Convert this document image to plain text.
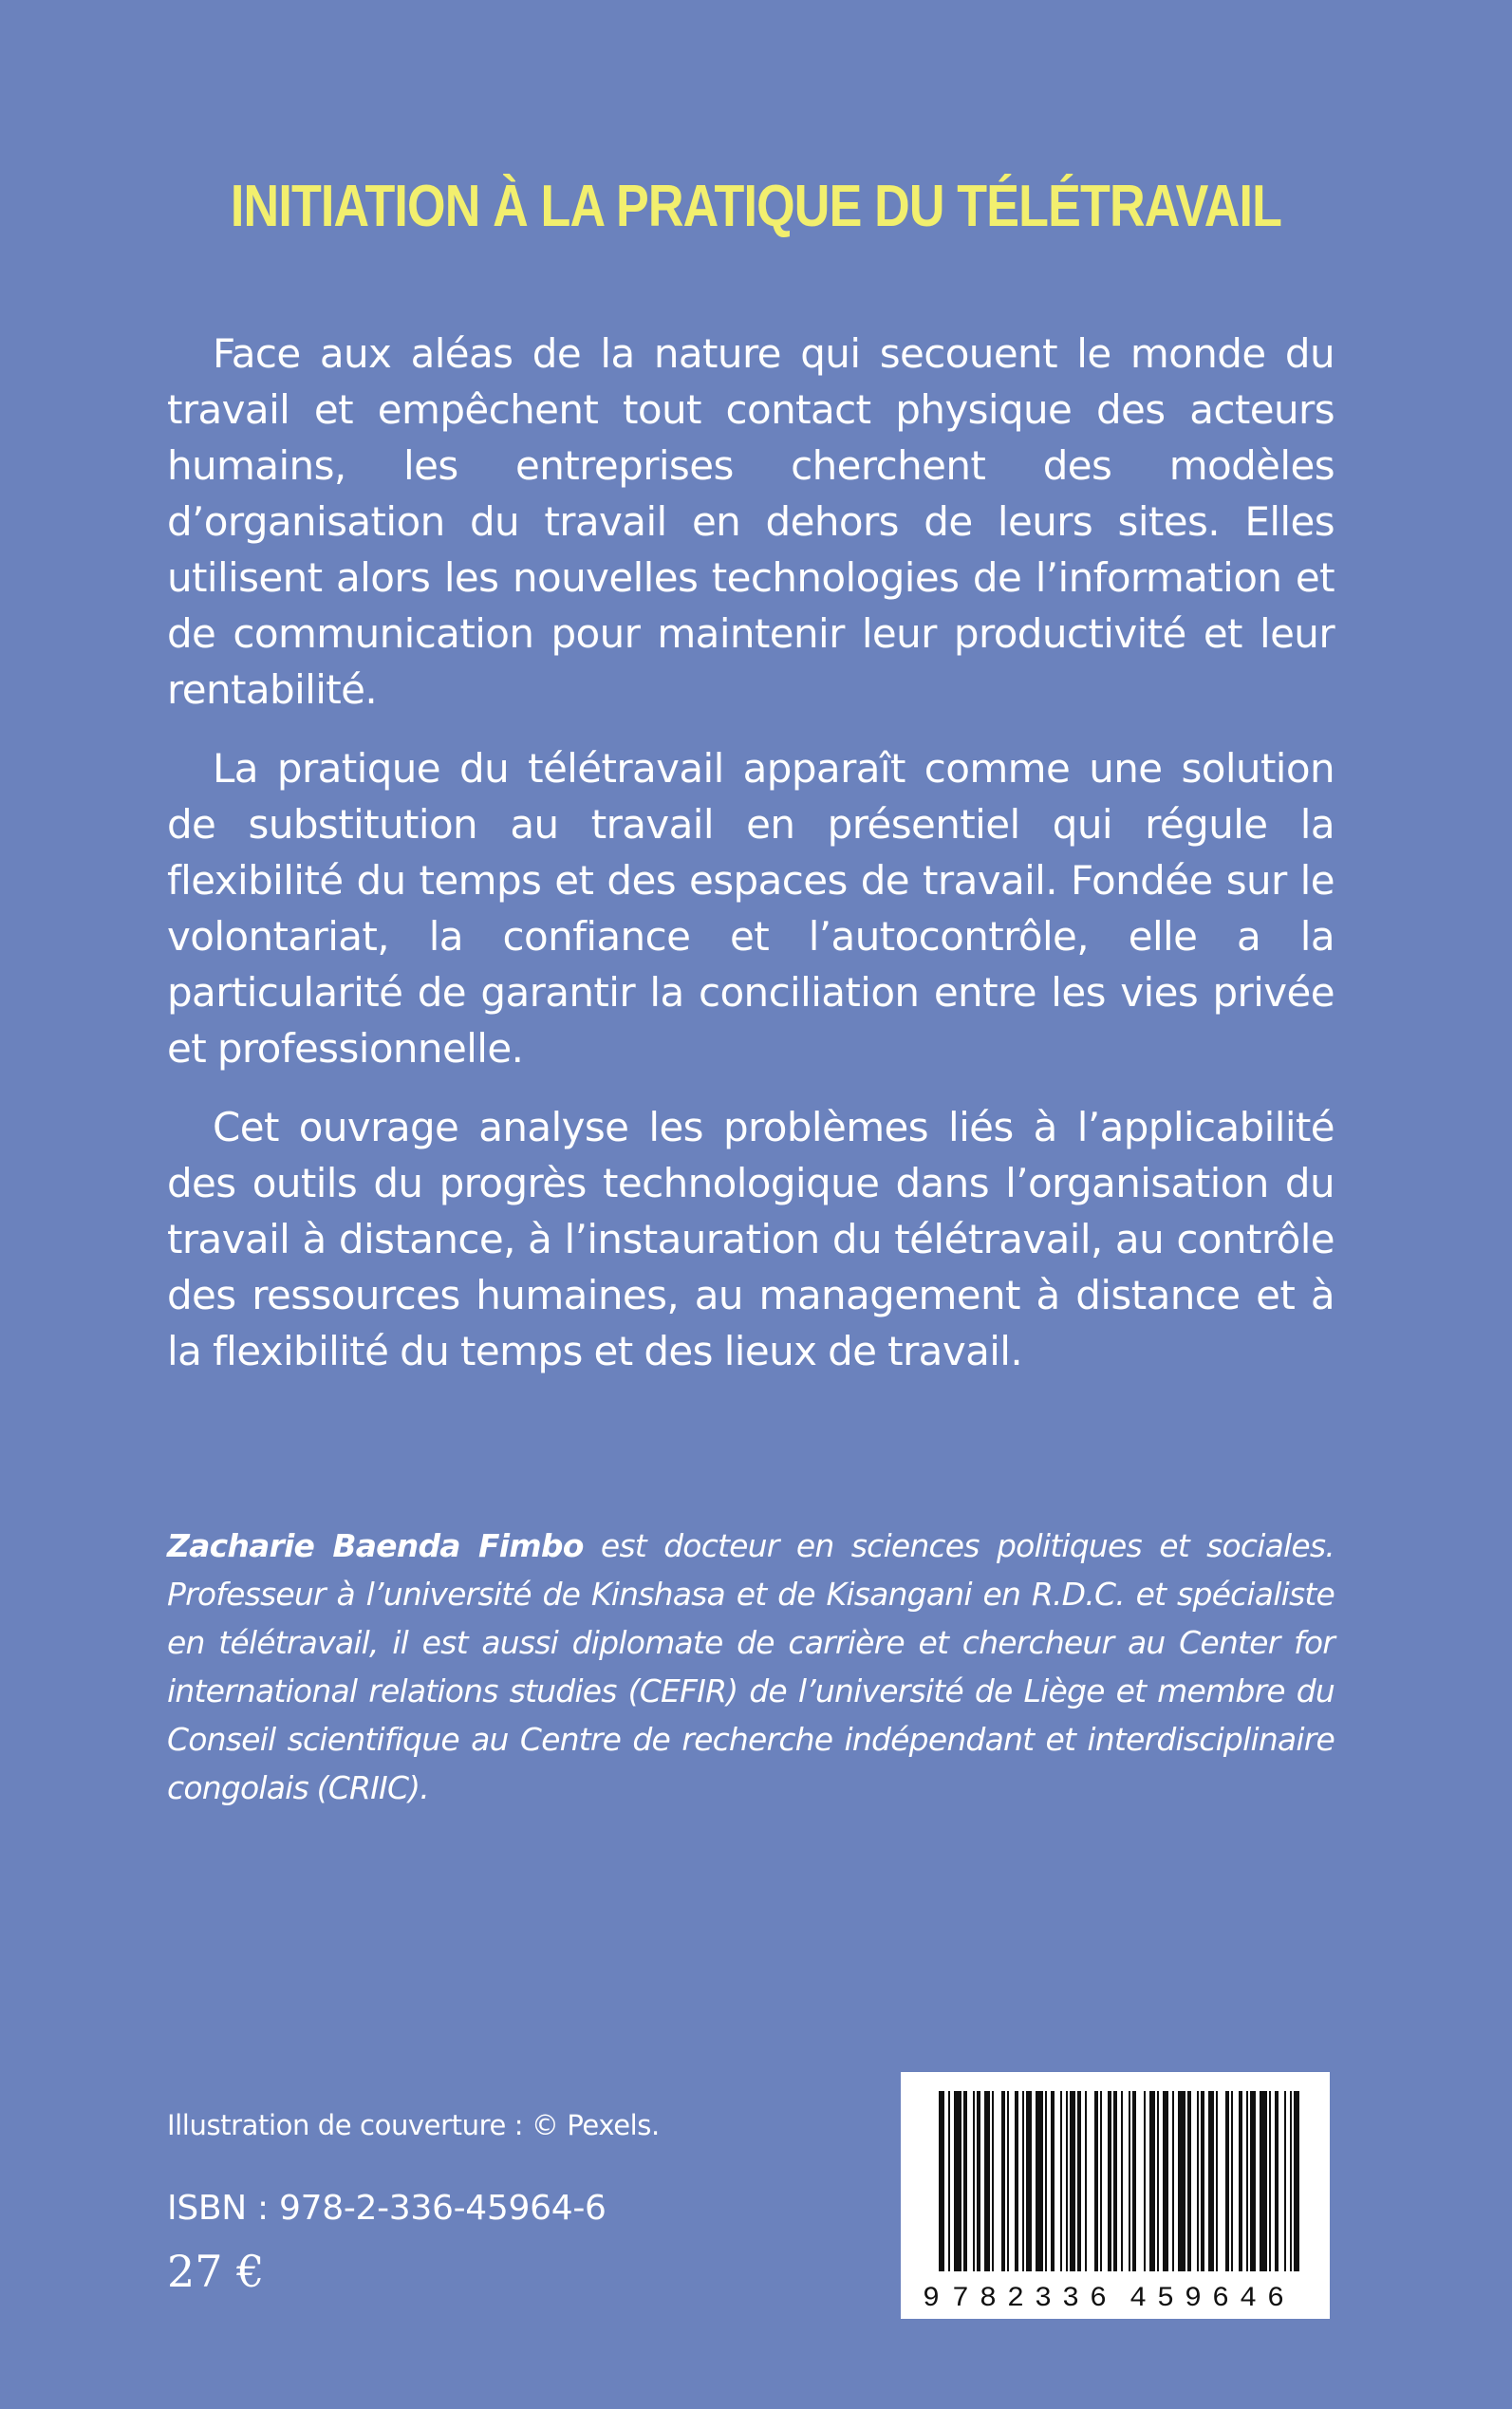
INITIATION À LA PRATIQUE DU TÉLÉTRAVAIL

Face aux aléas de la nature qui secouent le monde du travail et empêchent tout contact physique des acteurs humains, les entreprises cherchent des modèles d’organisation du travail en dehors de leurs sites. Elles utilisent alors les nouvelles technologies de l’information et de communication pour maintenir leur productivité et leur rentabilité.

La pratique du télétravail apparaît comme une solution de substitution au travail en présentiel qui régule la flexibilité du temps et des espaces de travail. Fondée sur le volontariat, la confiance et l’autocontrôle, elle a la particularité de garantir la conciliation entre les vies privée et professionnelle.

Cet ouvrage analyse les problèmes liés à l’applicabilité des outils du progrès technologique dans l’organisation du travail à distance, à l’instauration du télétravail, au contrôle des ressources humaines, au management à distance et à la flexibilité du temps et des lieux de travail.

Zacharie Baenda Fimbo est docteur en sciences politiques et sociales. Professeur à l’université de Kinshasa et de Kisangani en R.D.C. et spécialiste en télétravail, il est aussi diplomate de carrière et chercheur au Center for international relations studies (CEFIR) de l’université de Liège et membre du Conseil scientifique au Centre de recherche indépendant et interdisciplinaire congolais (CRIIC).

Illustration de couverture : © Pexels.
ISBN : 978-2-336-45964-6
27 €
9 7 8 2 3 3 6 4 5 9 6 4 6
